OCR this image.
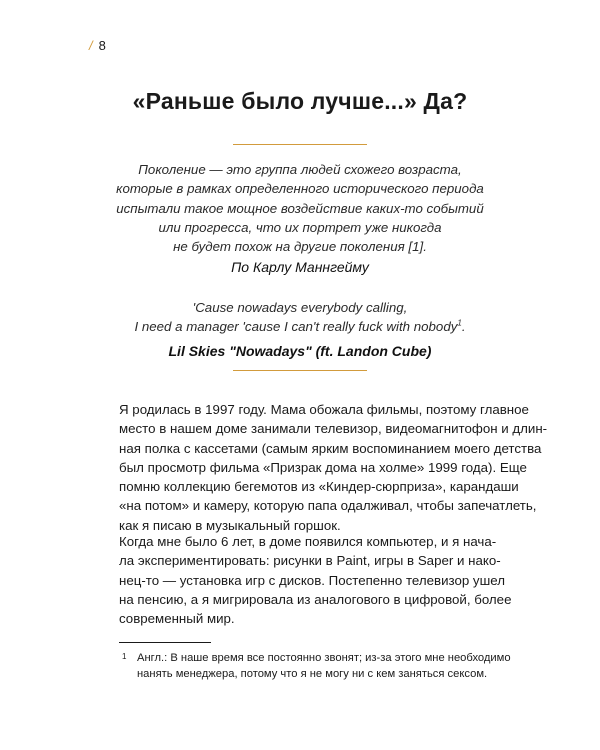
/ 8
«Раньше было лучше...» Да?
Поколение — это группа людей схожего возраста,
которые в рамках определенного исторического периода
испытали такое мощное воздействие каких-то событий
или прогресса, что их портрет уже никогда
не будет похож на другие поколения [1].
По Карлу Маннгейму
'Cause nowadays everybody calling,
I need a manager 'cause I can't really fuck with nobody$^1$.
Lil Skies "Nowadays" (ft. Landon Cube)
Я родилась в 1997 году. Мама обожала фильмы, поэтому главное
место в нашем доме занимали телевизор, видеомагнитофон и длин-
ная полка с кассетами (самым ярким воспоминанием моего детства
был просмотр фильма «Призрак дома на холме» 1999 года). Еще
помню коллекцию бегемотов из «Киндер-сюрприза», карандаши
«на потом» и камеру, которую папа одалживал, чтобы запечатлеть,
как я писаю в музыкальный горшок.
Когда мне было 6 лет, в доме появился компьютер, и я нача-
ла экспериментировать: рисунки в Paint, игры в Saper и нако-
нец-то — установка игр с дисков. Постепенно телевизор ушел
на пенсию, а я мигрировала из аналогового в цифровой, более
современный мир.
1 Англ.: В наше время все постоянно звонят; из-за этого мне необходимо
нанять менеджера, потому что я не могу ни с кем заняться сексом.
